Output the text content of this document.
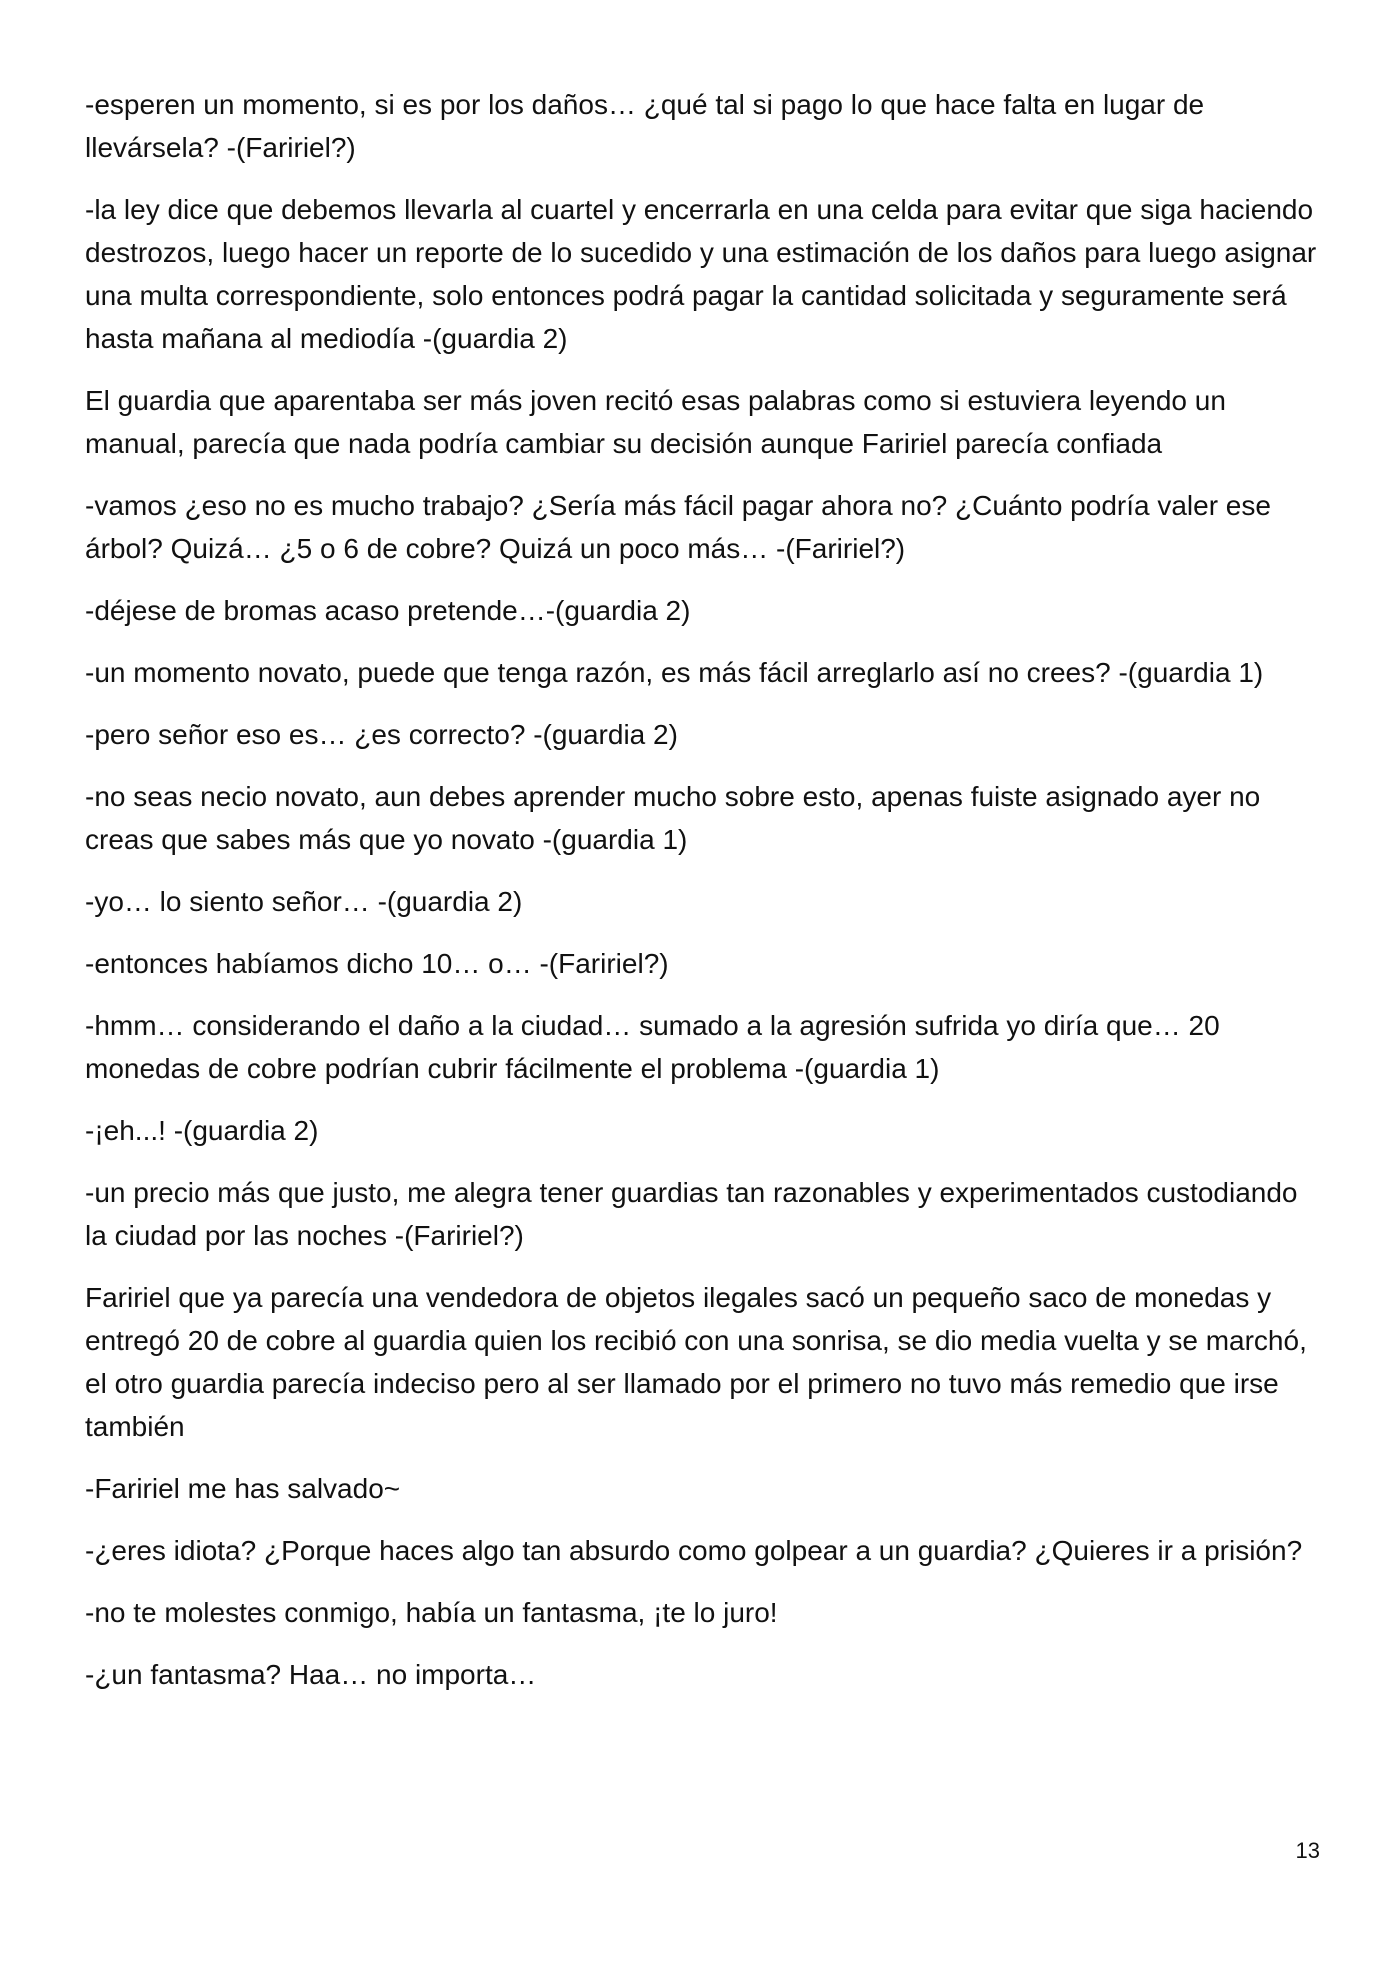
-esperen un momento, si es por los daños… ¿qué tal si pago lo que hace falta en lugar de llevársela? -(Faririel?)

-la ley dice que debemos llevarla al cuartel y encerrarla en una celda para evitar que siga haciendo destrozos, luego hacer un reporte de lo sucedido y una estimación de los daños para luego asignar una multa correspondiente, solo entonces podrá pagar la cantidad solicitada y seguramente será hasta mañana al mediodía -(guardia 2)

El guardia que aparentaba ser más joven recitó esas palabras como si estuviera leyendo un manual, parecía que nada podría cambiar su decisión aunque Faririel parecía confiada

-vamos ¿eso no es mucho trabajo? ¿Sería más fácil pagar ahora no? ¿Cuánto podría valer ese árbol? Quizá… ¿5 o 6 de cobre? Quizá un poco más… -(Faririel?)

-déjese de bromas acaso pretende…-(guardia 2)

-un momento novato, puede que tenga razón, es más fácil arreglarlo así no crees? -(guardia 1)

-pero señor eso es… ¿es correcto? -(guardia 2)

-no seas necio novato, aun debes aprender mucho sobre esto, apenas fuiste asignado ayer no creas que sabes más que yo novato -(guardia 1)

-yo… lo siento señor… -(guardia 2)

-entonces habíamos dicho 10… o… -(Faririel?)

-hmm… considerando el daño a la ciudad… sumado a la agresión sufrida yo diría que… 20 monedas de cobre podrían cubrir fácilmente el problema -(guardia 1)

-¡eh...! -(guardia 2)

-un precio más que justo, me alegra tener guardias tan razonables y experimentados custodiando la ciudad por las noches -(Faririel?)

Faririel que ya parecía una vendedora de objetos ilegales sacó un pequeño saco de monedas y entregó 20 de cobre al guardia quien los recibió con una sonrisa, se dio media vuelta y se marchó, el otro guardia parecía indeciso pero al ser llamado por el primero no tuvo más remedio que irse también

-Faririel me has salvado~

-¿eres idiota? ¿Porque haces algo tan absurdo como golpear a un guardia? ¿Quieres ir a prisión?

-no te molestes conmigo, había un fantasma, ¡te lo juro!

-¿un fantasma? Haa… no importa…

13
